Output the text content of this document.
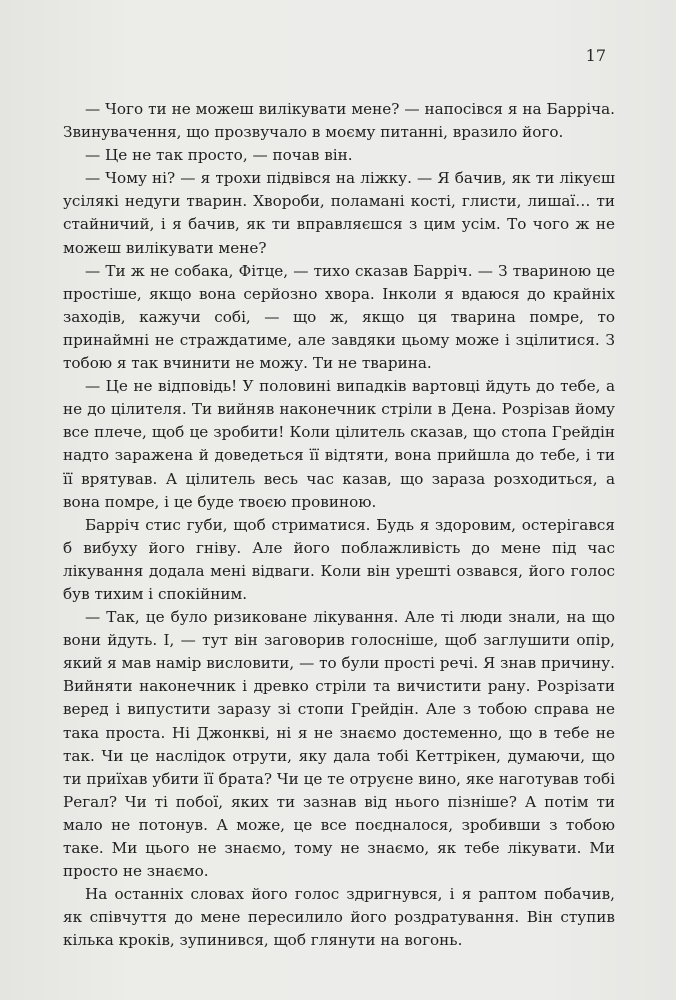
17

— Чого ти не можеш вилікувати мене? — напосівся я на Барріча. Звинувачення, що прозвучало в моєму питанні, вразило його.

— Це не так просто, — почав він.

— Чому ні? — я трохи підвівся на ліжку. — Я бачив, як ти лікуєш усілякі недуги тварин. Хвороби, поламані кості, глисти, лишаї… ти стайничий, і я бачив, як ти вправляєшся з цим усім. То чого ж не можеш вилікувати мене?

— Ти ж не собака, Фітце, — тихо сказав Барріч. — З твариною це простіше, якщо вона серйозно хвора. Інколи я вдаюся до крайніх заходів, кажучи собі, — що ж, якщо ця тварина помре, то принаймні не страждатиме, але завдяки цьому може і зцілитися. З тобою я так вчинити не можу. Ти не тварина.

— Це не відповідь! У половині випадків вартовці йдуть до тебе, а не до цілителя. Ти вийняв наконечник стріли в Дена. Розрізав йому все плече, щоб це зробити! Коли цілитель сказав, що стопа Грейдін надто заражена й доведеться її відтяти, вона прийшла до тебе, і ти її врятував. А цілитель весь час казав, що зараза розходиться, а вона помре, і це буде твоєю провиною.

Барріч стис губи, щоб стриматися. Будь я здоровим, остерігався б вибуху його гніву. Але його поблажливість до мене під час лікування додала мені відваги. Коли він урешті озвався, його голос був тихим і спокійним.

— Так, це було ризиковане лікування. Але ті люди знали, на що вони йдуть. І, — тут він заговорив голосніше, щоб заглушити опір, який я мав намір висловити, — то були прості речі. Я знав причину. Вийняти наконечник і древко стріли та вичистити рану. Розрізати веред і випустити заразу зі стопи Грейдін. Але з тобою справа не така проста. Ні Джонкві, ні я не знаємо достеменно, що в тебе не так. Чи це наслідок отрути, яку дала тобі Кеттрікен, думаючи, що ти приїхав убити її брата? Чи це те отруєне вино, яке наготував тобі Регал? Чи ті побої, яких ти зазнав від нього пізніше? А потім ти мало не потонув. А може, це все поєдналося, зробивши з тобою таке. Ми цього не знаємо, тому не знаємо, як тебе лікувати. Ми просто не знаємо.

На останніх словах його голос здригнувся, і я раптом побачив, як співчуття до мене пересилило його роздратування. Він ступив кілька кроків, зупинився, щоб глянути на вогонь.
